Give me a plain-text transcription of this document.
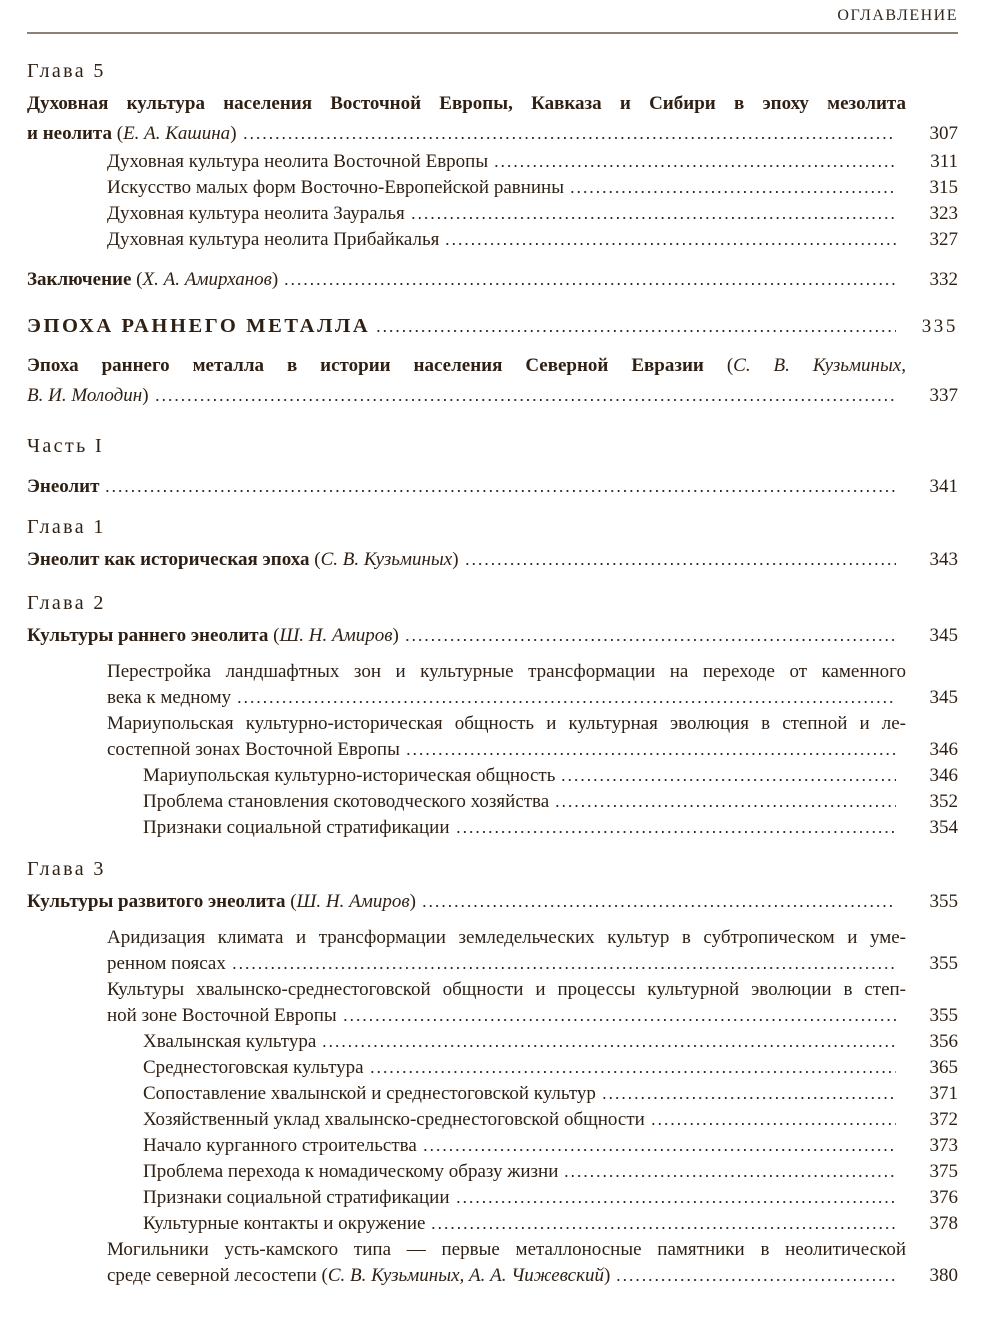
ОГЛАВЛЕНИЕ
Глава 5
Духовная культура населения Восточной Европы, Кавказа и Сибири в эпоху мезолита
и неолита (Е. А. Кашина)	307
Духовная культура неолита Восточной Европы	311
Искусство малых форм Восточно-Европейской равнины	315
Духовная культура неолита Зауралья	323
Духовная культура неолита Прибайкалья	327
Заключение (Х. А. Амирханов)	332
ЭПОХА РАННЕГО МЕТАЛЛА	335
Эпоха раннего металла в истории населения Северной Евразии (С. В. Кузьминых,
В. И. Молодин)	337
Часть I
Энеолит	341
Глава 1
Энеолит как историческая эпоха (С. В. Кузьминых)	343
Глава 2
Культуры раннего энеолита (Ш. Н. Амиров)	345
Перестройка ландшафтных зон и культурные трансформации на переходе от каменного
века к медному	345
Мариупольская культурно-историческая общность и культурная эволюция в степной и ле-
состепной зонах Восточной Европы	346
Мариупольская культурно-историческая общность	346
Проблема становления скотоводческого хозяйства	352
Признаки социальной стратификации	354
Глава 3
Культуры развитого энеолита (Ш. Н. Амиров)	355
Аридизация климата и трансформации земледельческих культур в субтропическом и уме-
ренном поясах	355
Культуры хвалынско-среднестоговской общности и процессы культурной эволюции в степ-
ной зоне Восточной Европы	355
Хвалынская культура	356
Среднестоговская культура	365
Сопоставление хвалынской и среднестоговской культур	371
Хозяйственный уклад хвалынско-среднестоговской общности	372
Начало курганного строительства	373
Проблема перехода к номадическому образу жизни	375
Признаки социальной стратификации	376
Культурные контакты и окружение	378
Могильники усть-камского типа — первые металлоносные памятники в неолитической
среде северной лесостепи (С. В. Кузьминых, А. А. Чижевский)	380
